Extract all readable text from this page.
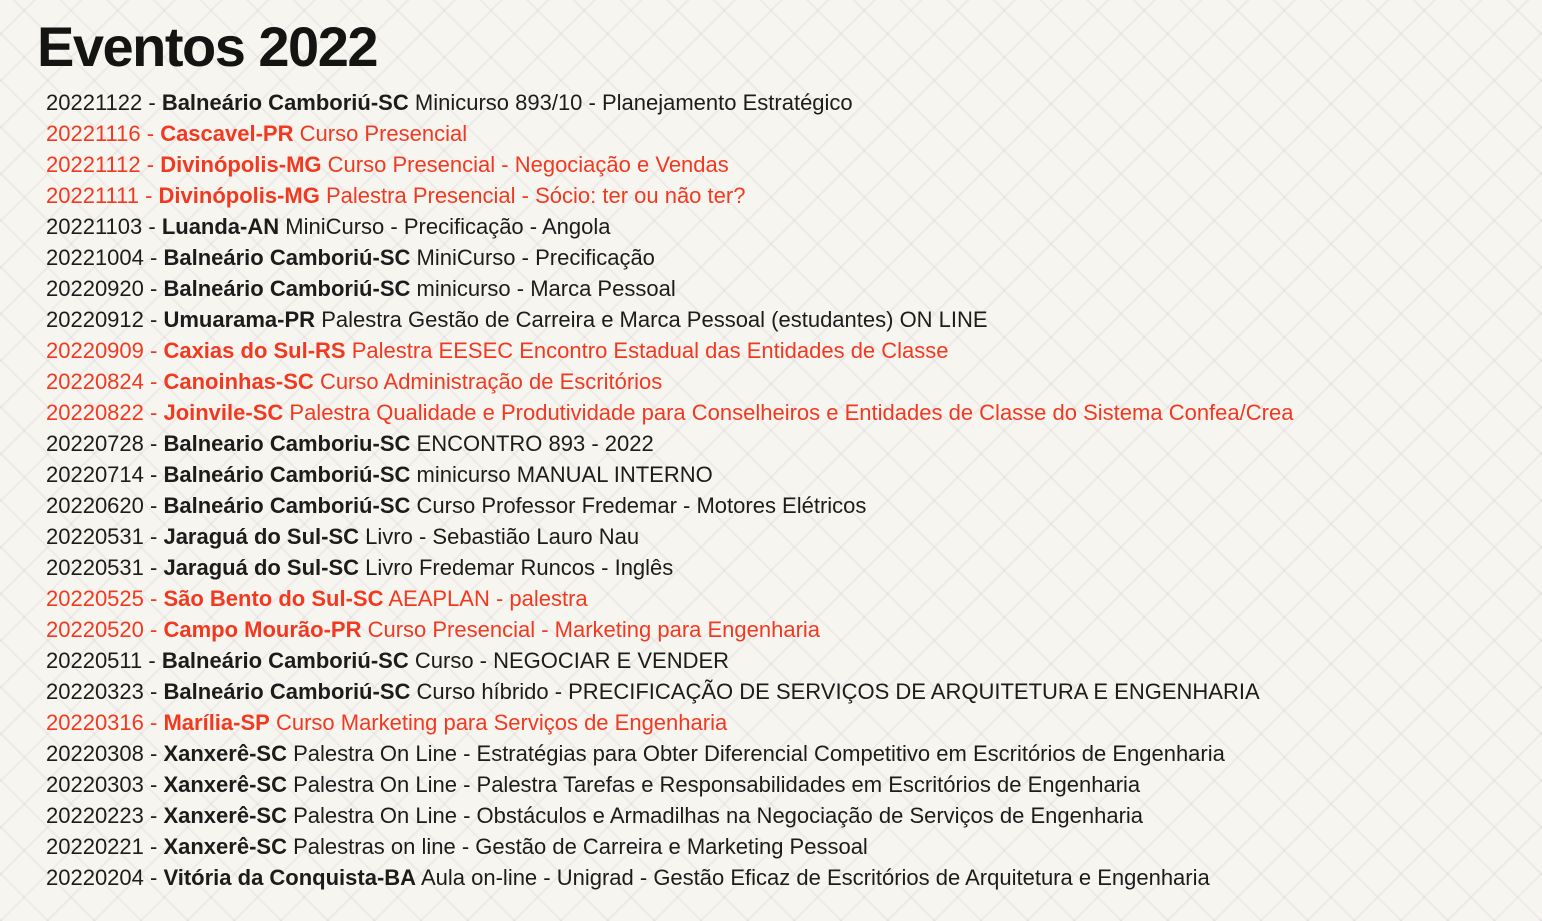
Eventos 2022
20221122 - Balneário Camboriú-SC Minicurso 893/10 - Planejamento Estratégico
20221116 - Cascavel-PR Curso Presencial
20221112 - Divinópolis-MG Curso Presencial - Negociação e Vendas
20221111 - Divinópolis-MG Palestra Presencial - Sócio: ter ou não ter?
20221103 - Luanda-AN MiniCurso - Precificação - Angola
20221004 - Balneário Camboriú-SC MiniCurso - Precificação
20220920 - Balneário Camboriú-SC minicurso - Marca Pessoal
20220912 - Umuarama-PR Palestra Gestão de Carreira e Marca Pessoal (estudantes) ON LINE
20220909 - Caxias do Sul-RS Palestra EESEC Encontro Estadual das Entidades de Classe
20220824 - Canoinhas-SC Curso Administração de Escritórios
20220822 - Joinvile-SC Palestra Qualidade e Produtividade para Conselheiros e Entidades de Classe do Sistema Confea/Crea
20220728 - Balneario Camboriu-SC ENCONTRO 893 - 2022
20220714 - Balneário Camboriú-SC minicurso MANUAL INTERNO
20220620 - Balneário Camboriú-SC Curso Professor Fredemar - Motores Elétricos
20220531 - Jaraguá do Sul-SC Livro - Sebastião Lauro Nau
20220531 - Jaraguá do Sul-SC Livro Fredemar Runcos - Inglês
20220525 - São Bento do Sul-SC AEAPLAN - palestra
20220520 - Campo Mourão-PR Curso Presencial - Marketing para Engenharia
20220511 - Balneário Camboriú-SC Curso - NEGOCIAR E VENDER
20220323 - Balneário Camboriú-SC Curso híbrido - PRECIFICAÇÃO DE SERVIÇOS DE ARQUITETURA E ENGENHARIA
20220316 - Marília-SP Curso Marketing para Serviços de Engenharia
20220308 - Xanxerê-SC Palestra On Line - Estratégias para Obter Diferencial Competitivo em Escritórios de Engenharia
20220303 - Xanxerê-SC Palestra On Line - Palestra Tarefas e Responsabilidades em Escritórios de Engenharia
20220223 - Xanxerê-SC Palestra On Line - Obstáculos e Armadilhas na Negociação de Serviços de Engenharia
20220221 - Xanxerê-SC Palestras on line - Gestão de Carreira e Marketing Pessoal
20220204 - Vitória da Conquista-BA Aula on-line - Unigrad - Gestão Eficaz de Escritórios de Arquitetura e Engenharia
